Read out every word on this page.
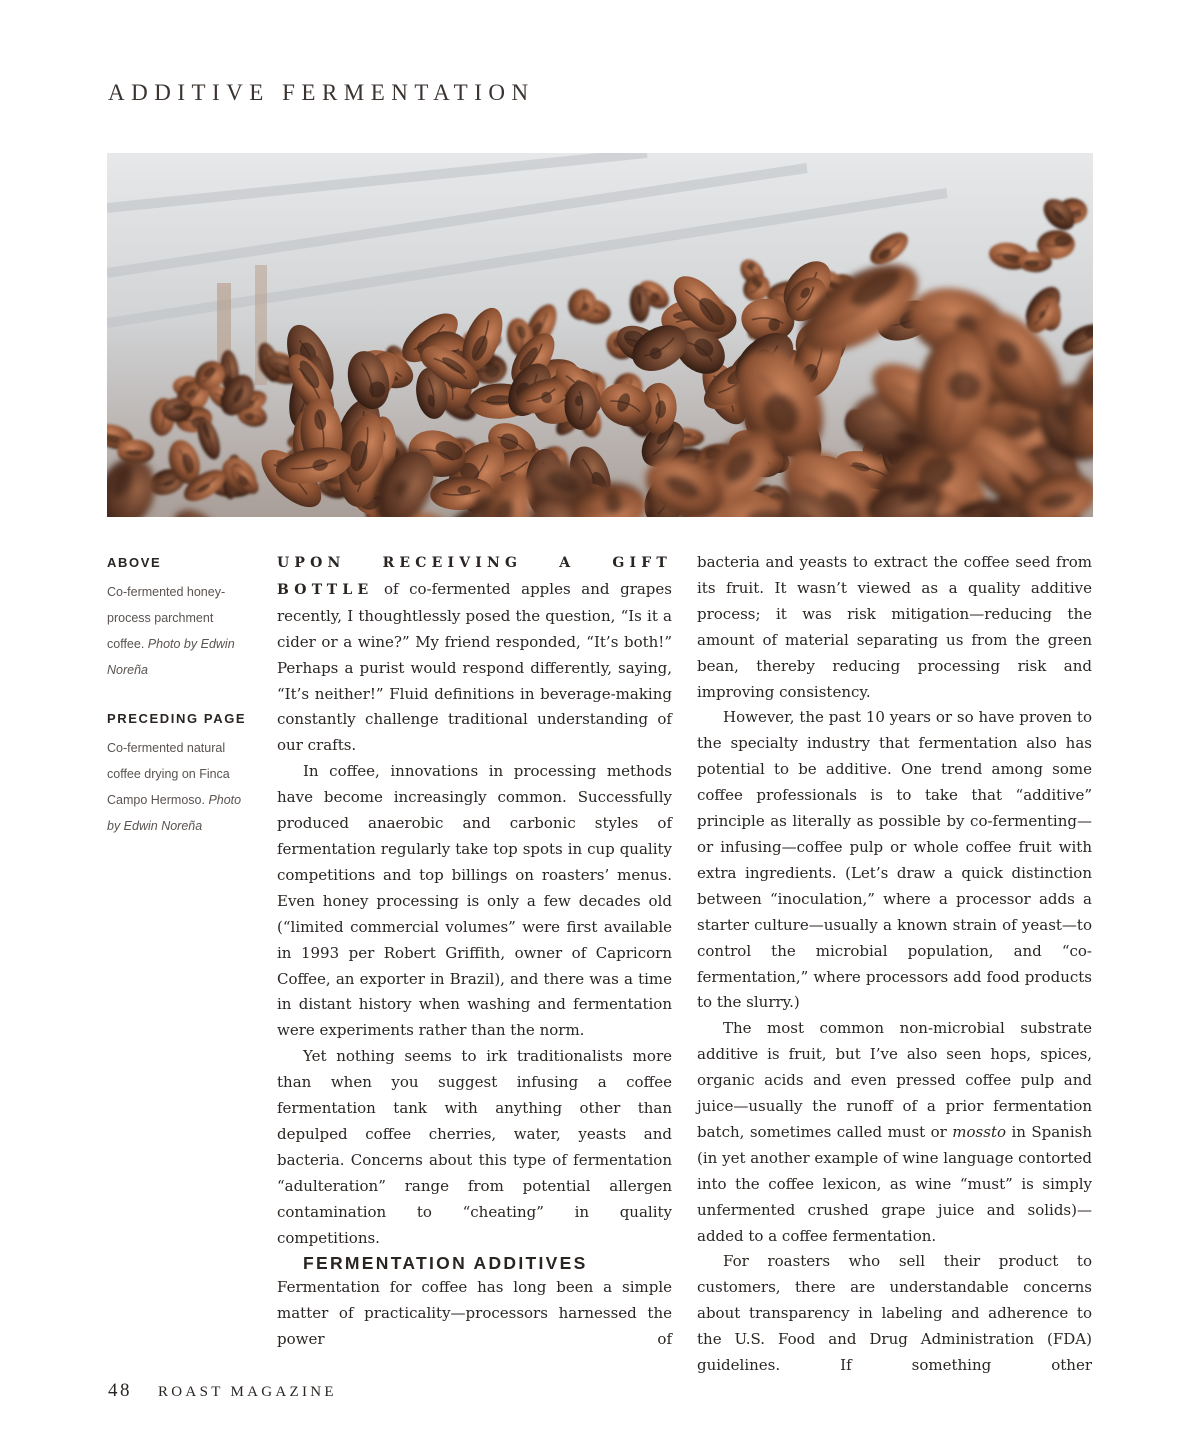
ADDITIVE FERMENTATION
ABOVE

Co-fermented honey-process parchment coffee. Photo by Edwin Noreña

PRECEDING PAGE

Co-fermented natural coffee drying on Finca Campo Hermoso. Photo by Edwin Noreña

UPON RECEIVING A GIFT BOTTLE of co-fermented apples and grapes recently, I thoughtlessly posed the question, “Is it a cider or a wine?” My friend responded, “It’s both!” Perhaps a purist would respond differently, saying, “It’s neither!” Fluid definitions in beverage-making constantly challenge traditional understanding of our crafts.

In coffee, innovations in processing methods have become increasingly common. Successfully produced anaerobic and carbonic styles of fermentation regularly take top spots in cup quality competitions and top billings on roasters’ menus. Even honey processing is only a few decades old (“limited commercial volumes” were first available in 1993 per Robert Griffith, owner of Capricorn Coffee, an exporter in Brazil), and there was a time in distant history when washing and fermentation were experiments rather than the norm.

Yet nothing seems to irk traditionalists more than when you suggest infusing a coffee fermentation tank with anything other than depulped coffee cherries, water, yeasts and bacteria. Concerns about this type of fermentation “adulteration” range from potential allergen contamination to “cheating” in quality competitions.

FERMENTATION ADDITIVES

Fermentation for coffee has long been a simple matter of practicality—processors harnessed the power of

bacteria and yeasts to extract the coffee seed from its fruit. It wasn’t viewed as a quality additive process; it was risk mitigation—reducing the amount of material separating us from the green bean, thereby reducing processing risk and improving consistency.

However, the past 10 years or so have proven to the specialty industry that fermentation also has potential to be additive. One trend among some coffee professionals is to take that “additive” principle as literally as possible by co-fermenting—or infusing—coffee pulp or whole coffee fruit with extra ingredients. (Let’s draw a quick distinction between “inoculation,” where a processor adds a starter culture—usually a known strain of yeast—to control the microbial population, and “co-fermentation,” where processors add food products to the slurry.)

The most common non-microbial substrate additive is fruit, but I’ve also seen hops, spices, organic acids and even pressed coffee pulp and juice—usually the runoff of a prior fermentation batch, sometimes called must or mossto in Spanish (in yet another example of wine language contorted into the coffee lexicon, as wine “must” is simply unfermented crushed grape juice and solids)—added to a coffee fermentation.

For roasters who sell their product to customers, there are understandable concerns about transparency in labeling and adherence to the U.S. Food and Drug Administration (FDA) guidelines. If something other

48 ROAST MAGAZINE
